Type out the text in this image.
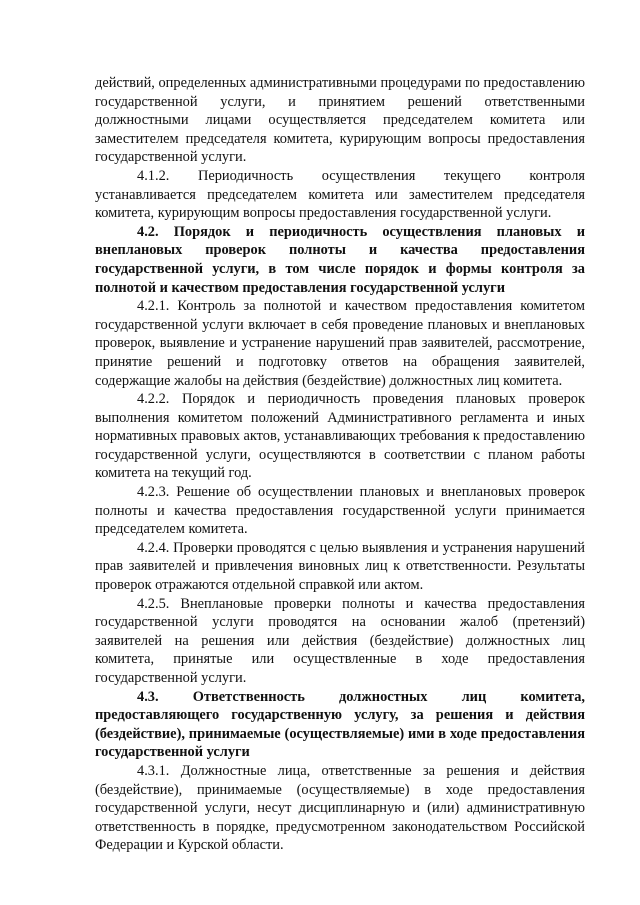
действий, определенных административными процедурами по предоставлению государственной услуги, и принятием решений ответственными должностными лицами осуществляется председателем комитета или заместителем председателя комитета, курирующим вопросы предоставления государственной услуги.

4.1.2. Периодичность осуществления текущего контроля устанавливается председателем комитета или заместителем председателя комитета, курирующим вопросы предоставления государственной услуги.

4.2. Порядок и периодичность осуществления плановых и внеплановых проверок полноты и качества предоставления государственной услуги, в том числе порядок и формы контроля за полнотой и качеством предоставления государственной услуги

4.2.1. Контроль за полнотой и качеством предоставления комитетом государственной услуги включает в себя проведение плановых и внеплановых проверок, выявление и устранение нарушений прав заявителей, рассмотрение, принятие решений и подготовку ответов на обращения заявителей, содержащие жалобы на действия (бездействие) должностных лиц комитета.

4.2.2. Порядок и периодичность проведения плановых проверок выполнения комитетом положений Административного регламента и иных нормативных правовых актов, устанавливающих требования к предоставлению государственной услуги, осуществляются в соответствии с планом работы комитета на текущий год.

4.2.3. Решение об осуществлении плановых и внеплановых проверок полноты и качества предоставления государственной услуги принимается председателем комитета.

4.2.4. Проверки проводятся с целью выявления и устранения нарушений прав заявителей и привлечения виновных лиц к ответственности. Результаты проверок отражаются отдельной справкой или актом.

4.2.5. Внеплановые проверки полноты и качества предоставления государственной услуги проводятся на основании жалоб (претензий) заявителей на решения или действия (бездействие) должностных лиц комитета, принятые или осуществленные в ходе предоставления государственной услуги.

4.3. Ответственность должностных лиц комитета, предоставляющего государственную услугу, за решения и действия (бездействие), принимаемые (осуществляемые) ими в ходе предоставления государственной услуги

4.3.1. Должностные лица, ответственные за решения и действия (бездействие), принимаемые (осуществляемые) в ходе предоставления государственной услуги, несут дисциплинарную и (или) административную ответственность в порядке, предусмотренном законодательством Российской Федерации и Курской области.
